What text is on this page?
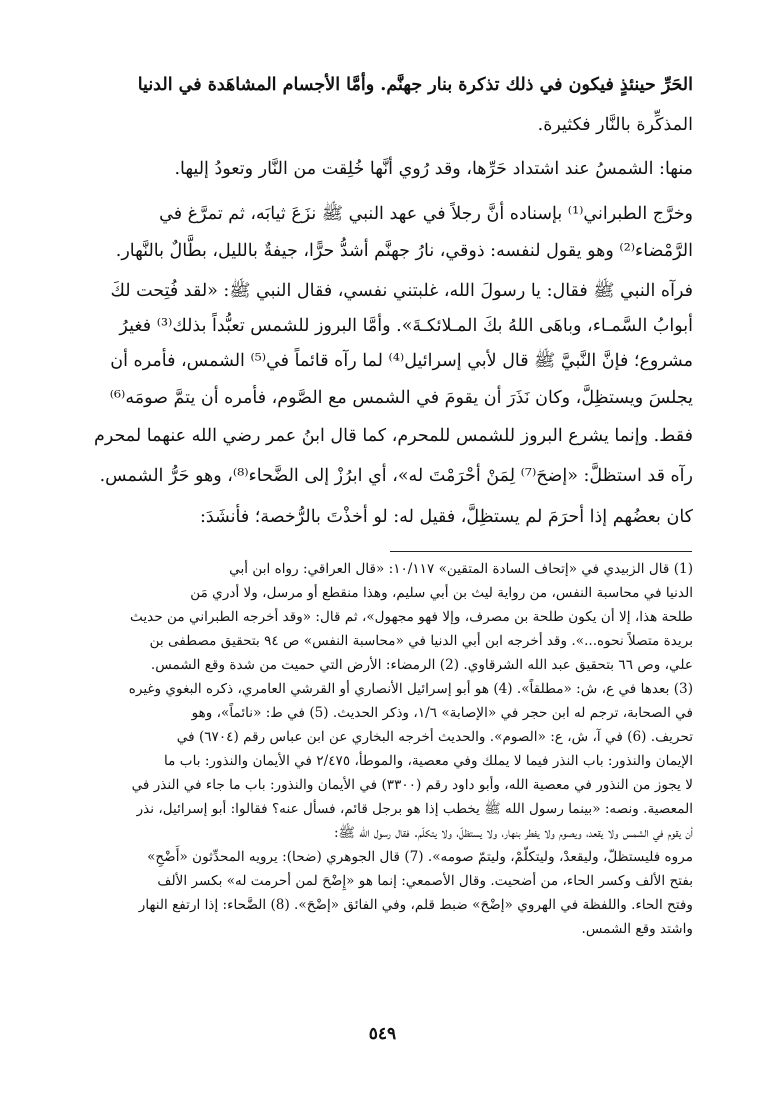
الحَرِّ حينئذٍ فيكون في ذلك تذكرة بنار جهنَّم. وأمَّا الأجسام المشاهَدة في الدنيا
المذكِّرة بالنَّار فكثيرة.
منها: الشمسُ عند اشتداد حَرِّها، وقد رُوي أنَّها خُلِقت من النَّار وتعودُ إليها.
وخرَّج الطبراني⁽¹⁾ بإسناده أنَّ رجلاً في عهد النبي ﷺ نزَعَ ثيابَه، ثم تمرَّغ في
الرَّمْضاء⁽²⁾ وهو يقول لنفسه: ذوقي، نارُ جهنَّم أشدُّ حرًّا، جيفةٌ بالليل، بطَّالٌ بالنَّهار.
فرآه النبي ﷺ فقال: يا رسولَ الله، غلبتني نفسي، فقال النبي ﷺ: «لقد فُتِحت لكَ
أبوابُ السَّمـاء، وباهَى اللهُ بكَ المـلائكـةَ». وأمَّا البروز للشمس تعبُّداً بذلك⁽³⁾ فغيرُ
مشروع؛ فإنَّ النَّبيَّ ﷺ قال لأبي إسرائيل⁽⁴⁾ لما رآه قائماً في⁽⁵⁾ الشمس، فأمره أن
يجلسَ ويستظِلَّ، وكان نَذَرَ أن يقومَ في الشمس مع الصَّوم، فأمره أن يتمَّ صومَه⁽⁶⁾
فقط. وإنما يشرع البروز للشمس للمحرم، كما قال ابنُ عمر رضي الله عنهما لمحرم
رآه قد استظلَّ: «إضحَ⁽⁷⁾ لِمَنْ أحْرَمْتَ له»، أي ابرُزْ إلى الضَّحاء⁽⁸⁾، وهو حَرُّ الشمس.
كان بعضُهم إذا أحرَمَ لم يستظِلَّ، فقيل له: لو أخذْتَ بالرُّخصة؛ فأنشَدَ:
(1) قال الزبيدي في «إتحاف السادة المتقين» ١٠/١١٧: «قال العراقي: رواه ابن أبي
الدنيا في محاسبة النفس، من رواية ليث بن أبي سليم، وهذا منقطع أو مرسل، ولا أدري مَن
طلحة هذا، إلا أن يكون طلحة بن مصرف، وإلا فهو مجهول»، ثم قال: «وقد أخرجه الطبراني من حديث
بريدة متصلاً نحوه...». وقد أخرجه ابن أبي الدنيا في «محاسبة النفس» ص ٩٤ بتحقيق مصطفى بن
علي، وص ٦٦ بتحقيق عبد الله الشرقاوي. (2) الرمضاء: الأرض التي حميت من شدة وقع الشمس.
(3) بعدها في ع، ش: «مطلقاً». (4) هو أبو إسرائيل الأنصاري أو القرشي العامري، ذكره البغوي وغيره
في الصحابة، ترجم له ابن حجر في «الإصابة» ١/٦، وذكر الحديث. (5) في ط: «نائماً»، وهو
تحريف. (6) في آ، ش، ع: «الصوم». والحديث أخرجه البخاري عن ابن عباس رقم (٦٧٠٤) في
الإيمان والنذور: باب النذر فيما لا يملك وفي معصية، والموطأ، ٢/٤٧٥ في الأيمان والنذور: باب ما
لا يجوز من النذور في معصية الله، وأبو داود رقم (٣٣٠٠) في الأيمان والنذور: باب ما جاء في النذر في
المعصية. ونصه: «بينما رسول الله ﷺ يخطب إذا هو برجل قائم، فسأل عنه؟ فقالوا: أبو إسرائيل، نذر
أن يقوم في الشمس ولا يقعد، ويصوم ولا يفطر بنهار، ولا يستظلّ، ولا يتكلّم. فقال رسول الله ﷺ:
مروه فليستظلّ، وليقعدْ، وليتكلّمْ، وليتمّ صومه». (7) قال الجوهري (ضحا): يرويه المحدِّثون «أَضْحِ»
بفتح الألف وكسر الحاء، من أضحيت. وقال الأصمعي: إنما هو «إِضْحَ لمن أحرمت له» بكسر الألف
وفتح الحاء. واللفظة في الهروي «إضْحَ» ضبط قلم، وفي الفائق «إضْحَ». (8) الضَّحاء: إذا ارتفع النهار
واشتد وقع الشمس.
٥٤٩
